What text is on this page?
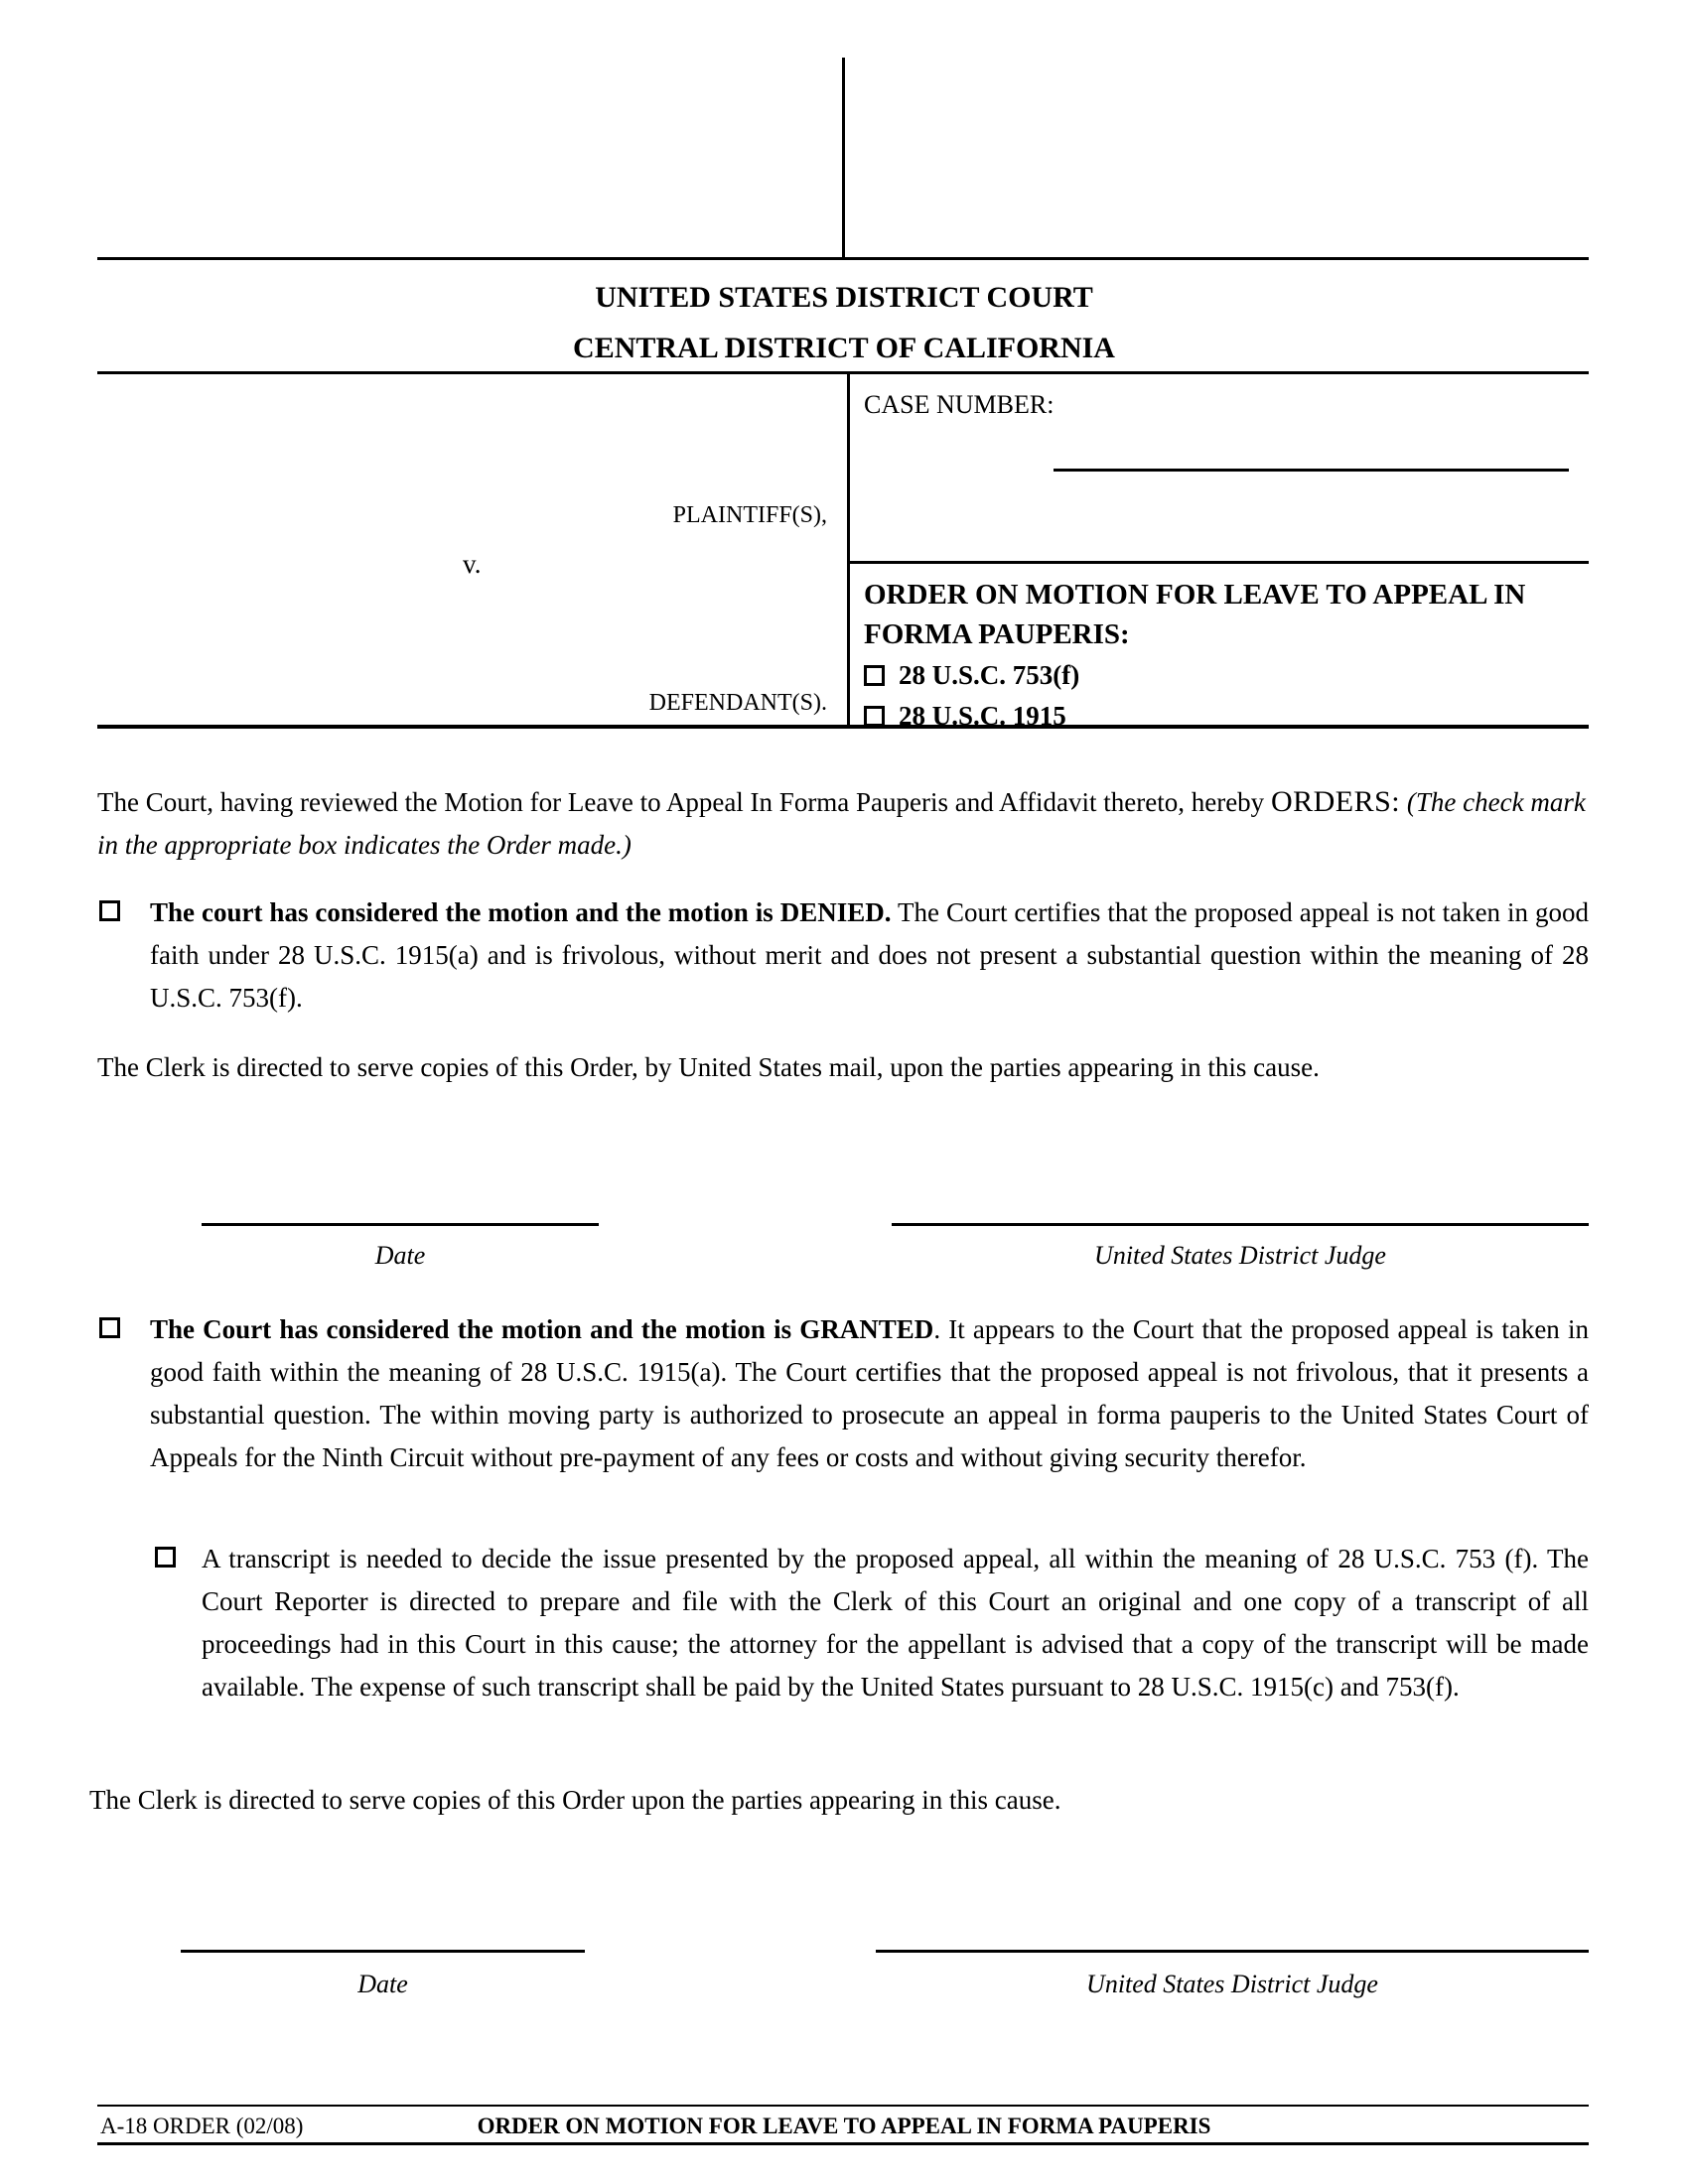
UNITED STATES DISTRICT COURT
CENTRAL DISTRICT OF CALIFORNIA
PLAINTIFF(S),
v.
DEFENDANT(S).
CASE NUMBER:
ORDER ON MOTION FOR LEAVE TO APPEAL IN FORMA PAUPERIS:
28 U.S.C. 753(f)
28 U.S.C. 1915
The Court, having reviewed the Motion for Leave to Appeal In Forma Pauperis and Affidavit thereto, hereby ORDERS: (The check mark in the appropriate box indicates the Order made.)
The court has considered the motion and the motion is DENIED. The Court certifies that the proposed appeal is not taken in good faith under 28 U.S.C. 1915(a) and is frivolous, without merit and does not present a substantial question within the meaning of 28 U.S.C. 753(f).
The Clerk is directed to serve copies of this Order, by United States mail, upon the parties appearing in this cause.
Date	United States District Judge
The Court has considered the motion and the motion is GRANTED. It appears to the Court that the proposed appeal is taken in good faith within the meaning of 28 U.S.C. 1915(a). The Court certifies that the proposed appeal is not frivolous, that it presents a substantial question. The within moving party is authorized to prosecute an appeal in forma pauperis to the United States Court of Appeals for the Ninth Circuit without pre-payment of any fees or costs and without giving security therefor.
A transcript is needed to decide the issue presented by the proposed appeal, all within the meaning of 28 U.S.C. 753 (f). The Court Reporter is directed to prepare and file with the Clerk of this Court an original and one copy of a transcript of all proceedings had in this Court in this cause; the attorney for the appellant is advised that a copy of the transcript will be made available. The expense of such transcript shall be paid by the United States pursuant to 28 U.S.C. 1915(c) and 753(f).
The Clerk is directed to serve copies of this Order upon the parties appearing in this cause.
Date	United States District Judge
A-18 ORDER (02/08)	ORDER ON MOTION FOR LEAVE TO APPEAL IN FORMA PAUPERIS
